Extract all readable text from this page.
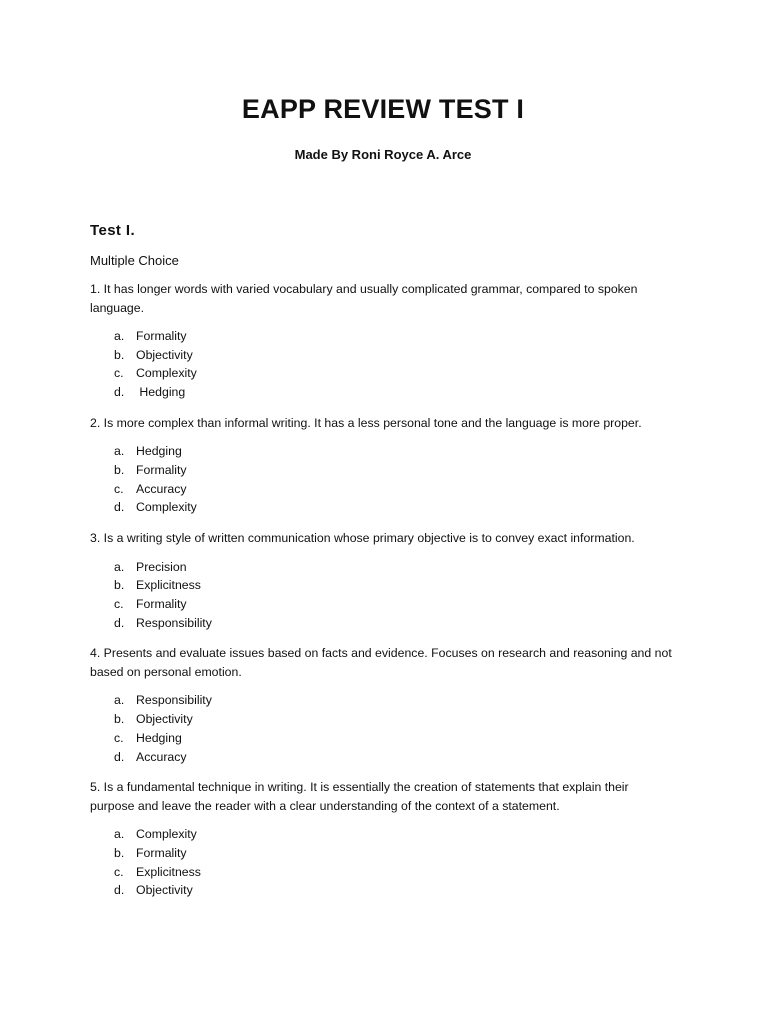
EAPP REVIEW TEST I

Made By Roni Royce A. Arce

Test I.

Multiple Choice

1. It has longer words with varied vocabulary and usually complicated grammar, compared to spoken language.

a. Formality
b. Objectivity
c.	Complexity
d. Hedging

2. Is more complex than informal writing. It has a less personal tone and the language is more proper.

a. Hedging
b. Formality
c.	Accuracy
d. Complexity

3. Is a writing style of written communication whose primary objective is to convey exact information.

a. Precision
b. Explicitness
c.	Formality
d. Responsibility

4. Presents and evaluate issues based on facts and evidence. Focuses on research and reasoning and not based on personal emotion.

a. Responsibility
b. Objectivity
c.	Hedging
d. Accuracy

5. Is a fundamental technique in writing. It is essentially the creation of statements that explain their purpose and leave the reader with a clear understanding of the context of a statement.

a. Complexity
b. Formality
c.	Explicitness
d. Objectivity
